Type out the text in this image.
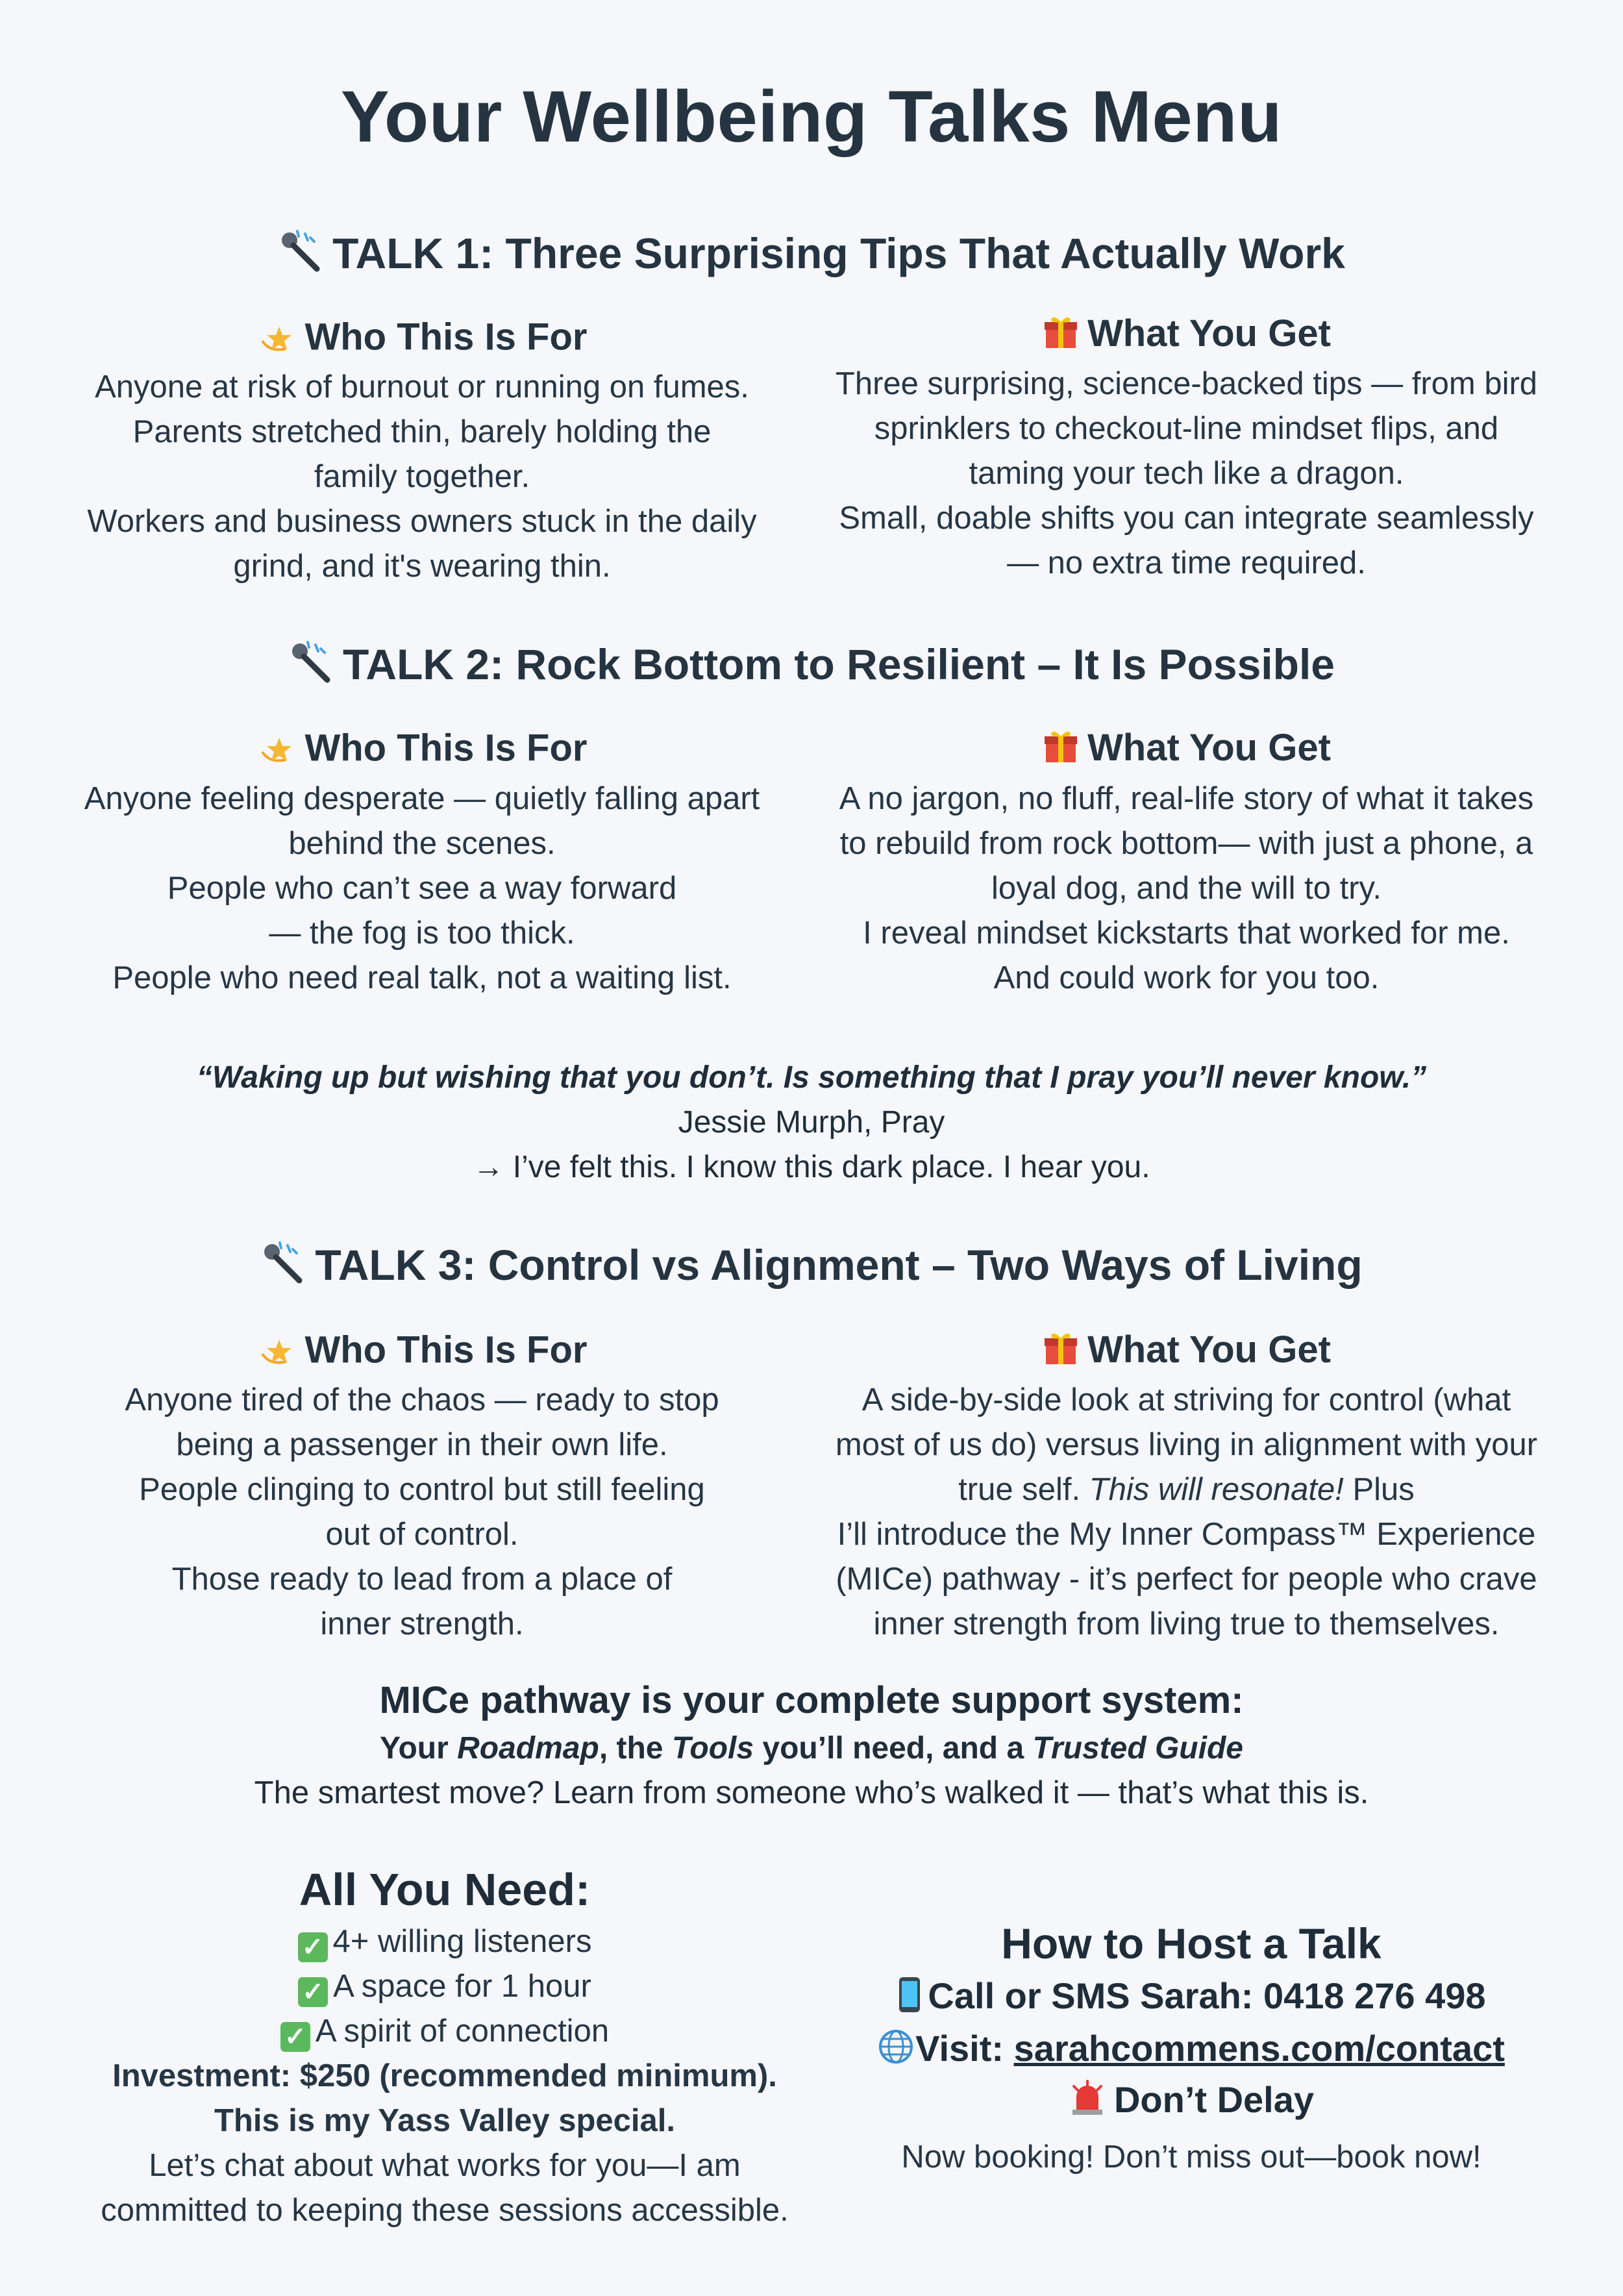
Your Wellbeing Talks Menu
TALK 1: Three Surprising Tips That Actually Work
Who This Is For
Anyone at risk of burnout or running on fumes.
Parents stretched thin, barely holding the
family together.
Workers and business owners stuck in the daily
grind, and it's wearing thin.
What You Get
Three surprising, science-backed tips — from bird
sprinklers to checkout-line mindset flips, and
taming your tech like a dragon.
Small, doable shifts you can integrate seamlessly
— no extra time required.
TALK 2: Rock Bottom to Resilient – It Is Possible
Who This Is For
Anyone feeling desperate — quietly falling apart
behind the scenes.
People who can’t see a way forward
— the fog is too thick.
People who need real talk, not a waiting list.
What You Get
A no jargon, no fluff, real-life story of what it takes
to rebuild from rock bottom— with just a phone, a
loyal dog, and the will to try.
I reveal mindset kickstarts that worked for me.
And could work for you too.
“Waking up but wishing that you don’t. Is something that I pray you’ll never know.”
Jessie Murph, Pray
→ I’ve felt this. I know this dark place. I hear you.
TALK 3: Control vs Alignment – Two Ways of Living
Who This Is For
Anyone tired of the chaos — ready to stop
being a passenger in their own life.
People clinging to control but still feeling
out of control.
Those ready to lead from a place of
inner strength.
What You Get
A side-by-side look at striving for control (what
most of us do) versus living in alignment with your
true self. This will resonate! Plus
I’ll introduce the My Inner Compass™ Experience
(MICe) pathway - it’s perfect for people who crave
inner strength from living true to themselves.
MICe pathway is your complete support system:
Your Roadmap, the Tools you’ll need, and a Trusted Guide
The smartest move? Learn from someone who’s walked it — that’s what this is.
All You Need:
✓ 4+ willing listeners
✓ A space for 1 hour
✓ A spirit of connection
Investment: $250 (recommended minimum).
This is my Yass Valley special.
Let’s chat about what works for you—I am
committed to keeping these sessions accessible.
How to Host a Talk
Call or SMS Sarah: 0418 276 498
Visit: sarahcommens.com/contact
Don’t Delay
Now booking! Don’t miss out—book now!
